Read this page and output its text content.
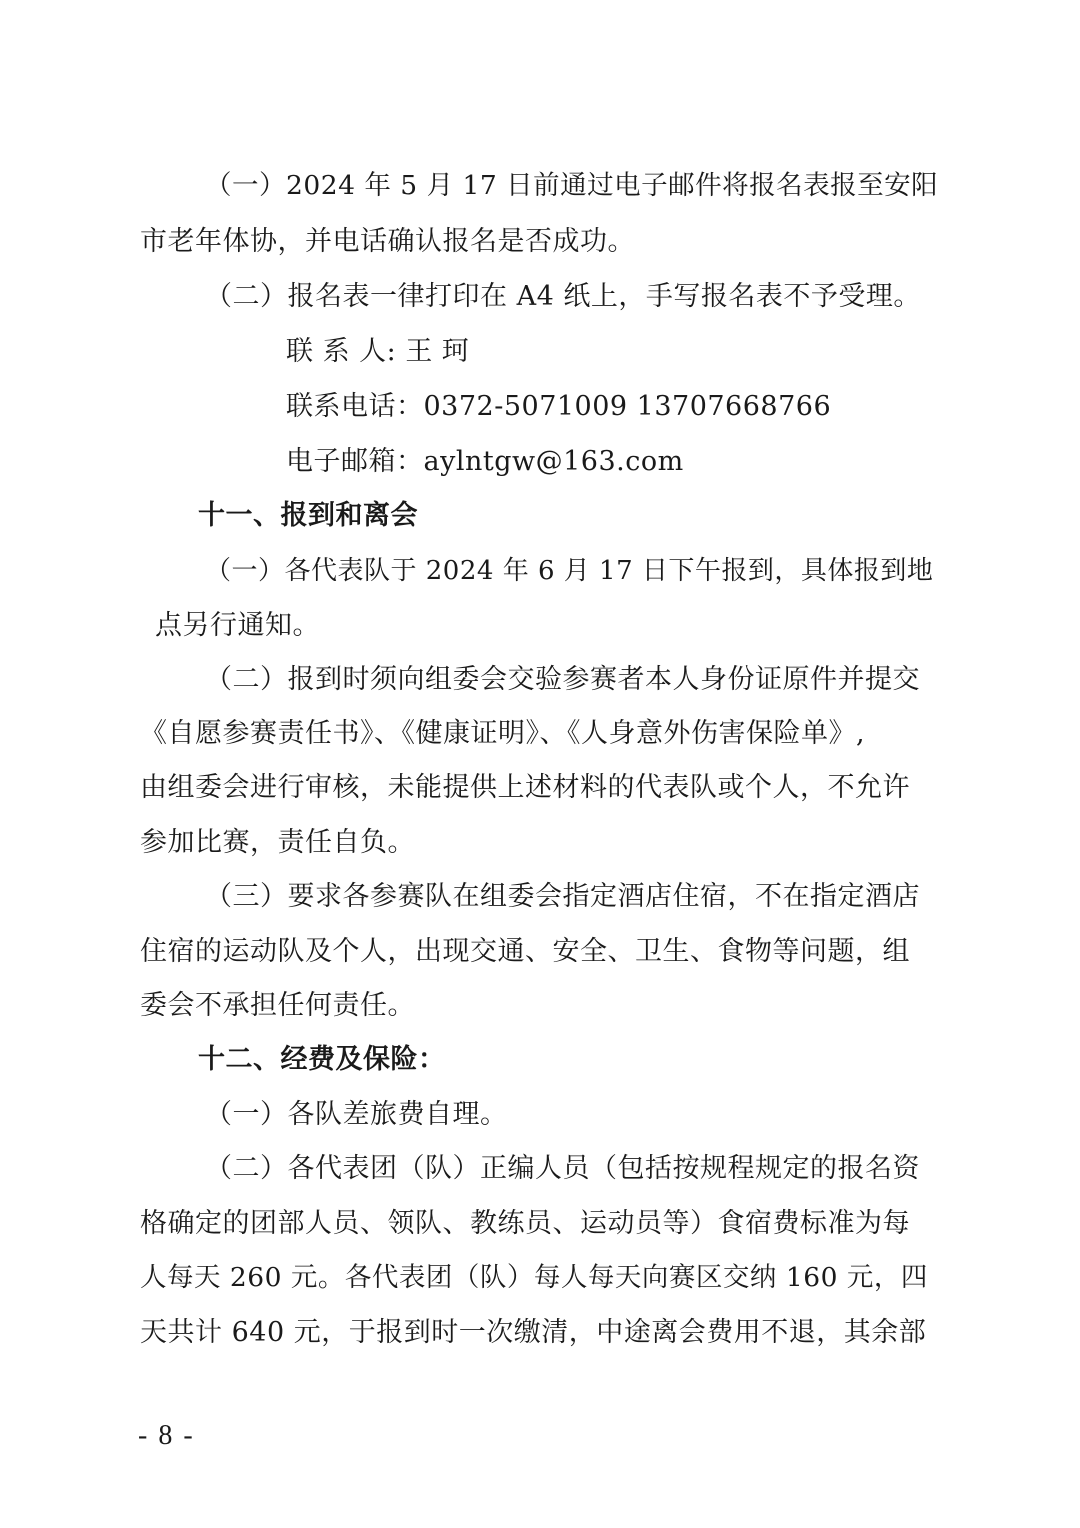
（一）2024 年 5 月 17 日前通过电子邮件将报名表报至安阳
市老年体协，并电话确认报名是否成功。
（二）报名表一律打印在 A4 纸上，手写报名表不予受理。
联 系 人: 王 珂
联系电话：0372-5071009 13707668766
电子邮箱：aylntgw@163.com
十一、报到和离会
（一）各代表队于 2024 年 6 月 17 日下午报到，具体报到地
点另行通知。
（二）报到时须向组委会交验参赛者本人身份证原件并提交
《自愿参赛责任书》、《健康证明》、《人身意外伤害保险单》,
由组委会进行审核，未能提供上述材料的代表队或个人，不允许
参加比赛，责任自负。
（三）要求各参赛队在组委会指定酒店住宿，不在指定酒店
住宿的运动队及个人，出现交通、安全、卫生、食物等问题，组
委会不承担任何责任。
十二、经费及保险：
（一）各队差旅费自理。
（二）各代表团（队）正编人员（包括按规程规定的报名资
格确定的团部人员、领队、教练员、运动员等）食宿费标准为每
人每天 260 元。各代表团（队）每人每天向赛区交纳 160 元，四
天共计 640 元，于报到时一次缴清，中途离会费用不退，其余部
- 8 -
